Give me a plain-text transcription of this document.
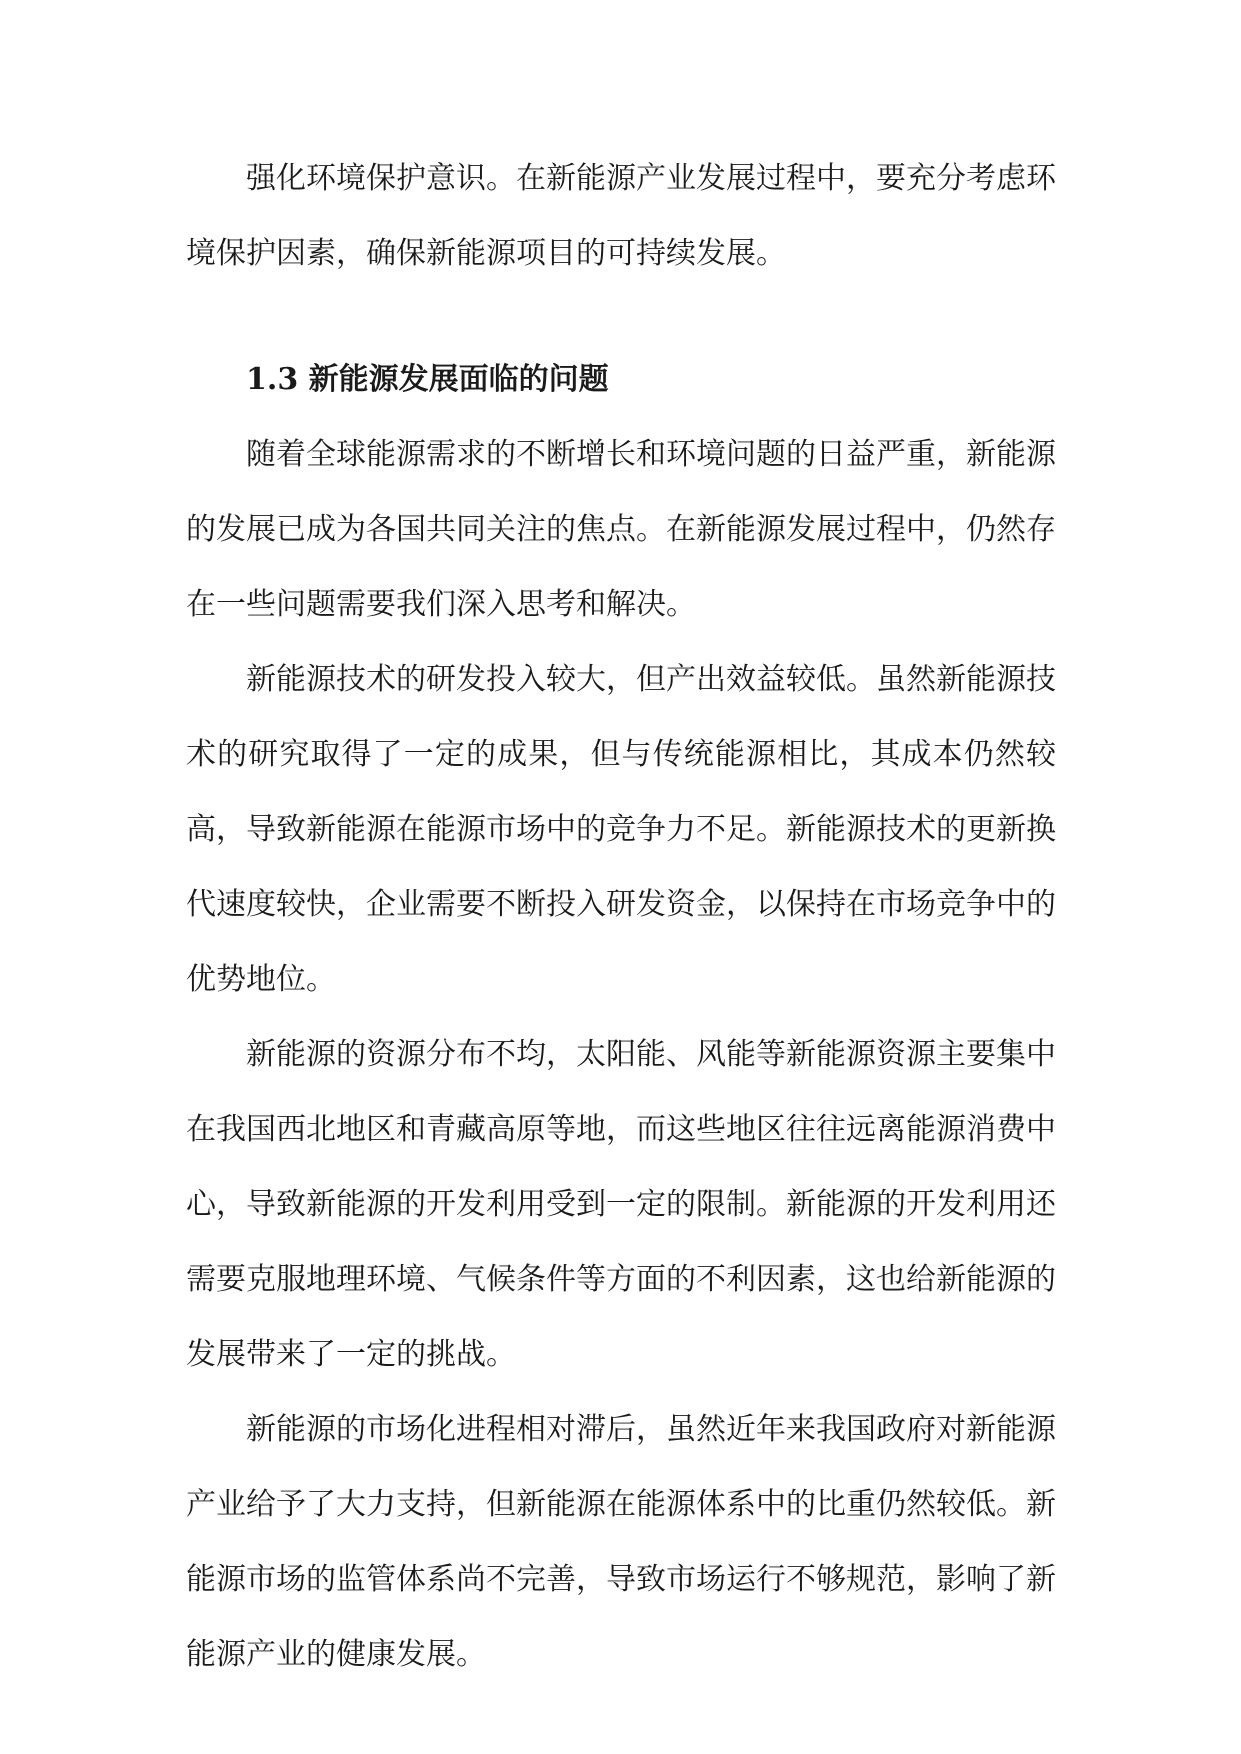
强化环境保护意识。在新能源产业发展过程中，要充分考虑环境保护因素，确保新能源项目的可持续发展。

1.3 新能源发展面临的问题

随着全球能源需求的不断增长和环境问题的日益严重，新能源的发展已成为各国共同关注的焦点。在新能源发展过程中，仍然存在一些问题需要我们深入思考和解决。

新能源技术的研发投入较大，但产出效益较低。虽然新能源技术的研究取得了一定的成果，但与传统能源相比，其成本仍然较高，导致新能源在能源市场中的竞争力不足。新能源技术的更新换代速度较快，企业需要不断投入研发资金，以保持在市场竞争中的优势地位。

新能源的资源分布不均，太阳能、风能等新能源资源主要集中在我国西北地区和青藏高原等地，而这些地区往往远离能源消费中心，导致新能源的开发利用受到一定的限制。新能源的开发利用还需要克服地理环境、气候条件等方面的不利因素，这也给新能源的发展带来了一定的挑战。

新能源的市场化进程相对滞后，虽然近年来我国政府对新能源产业给予了大力支持，但新能源在能源体系中的比重仍然较低。新能源市场的监管体系尚不完善，导致市场运行不够规范，影响了新能源产业的健康发展。
